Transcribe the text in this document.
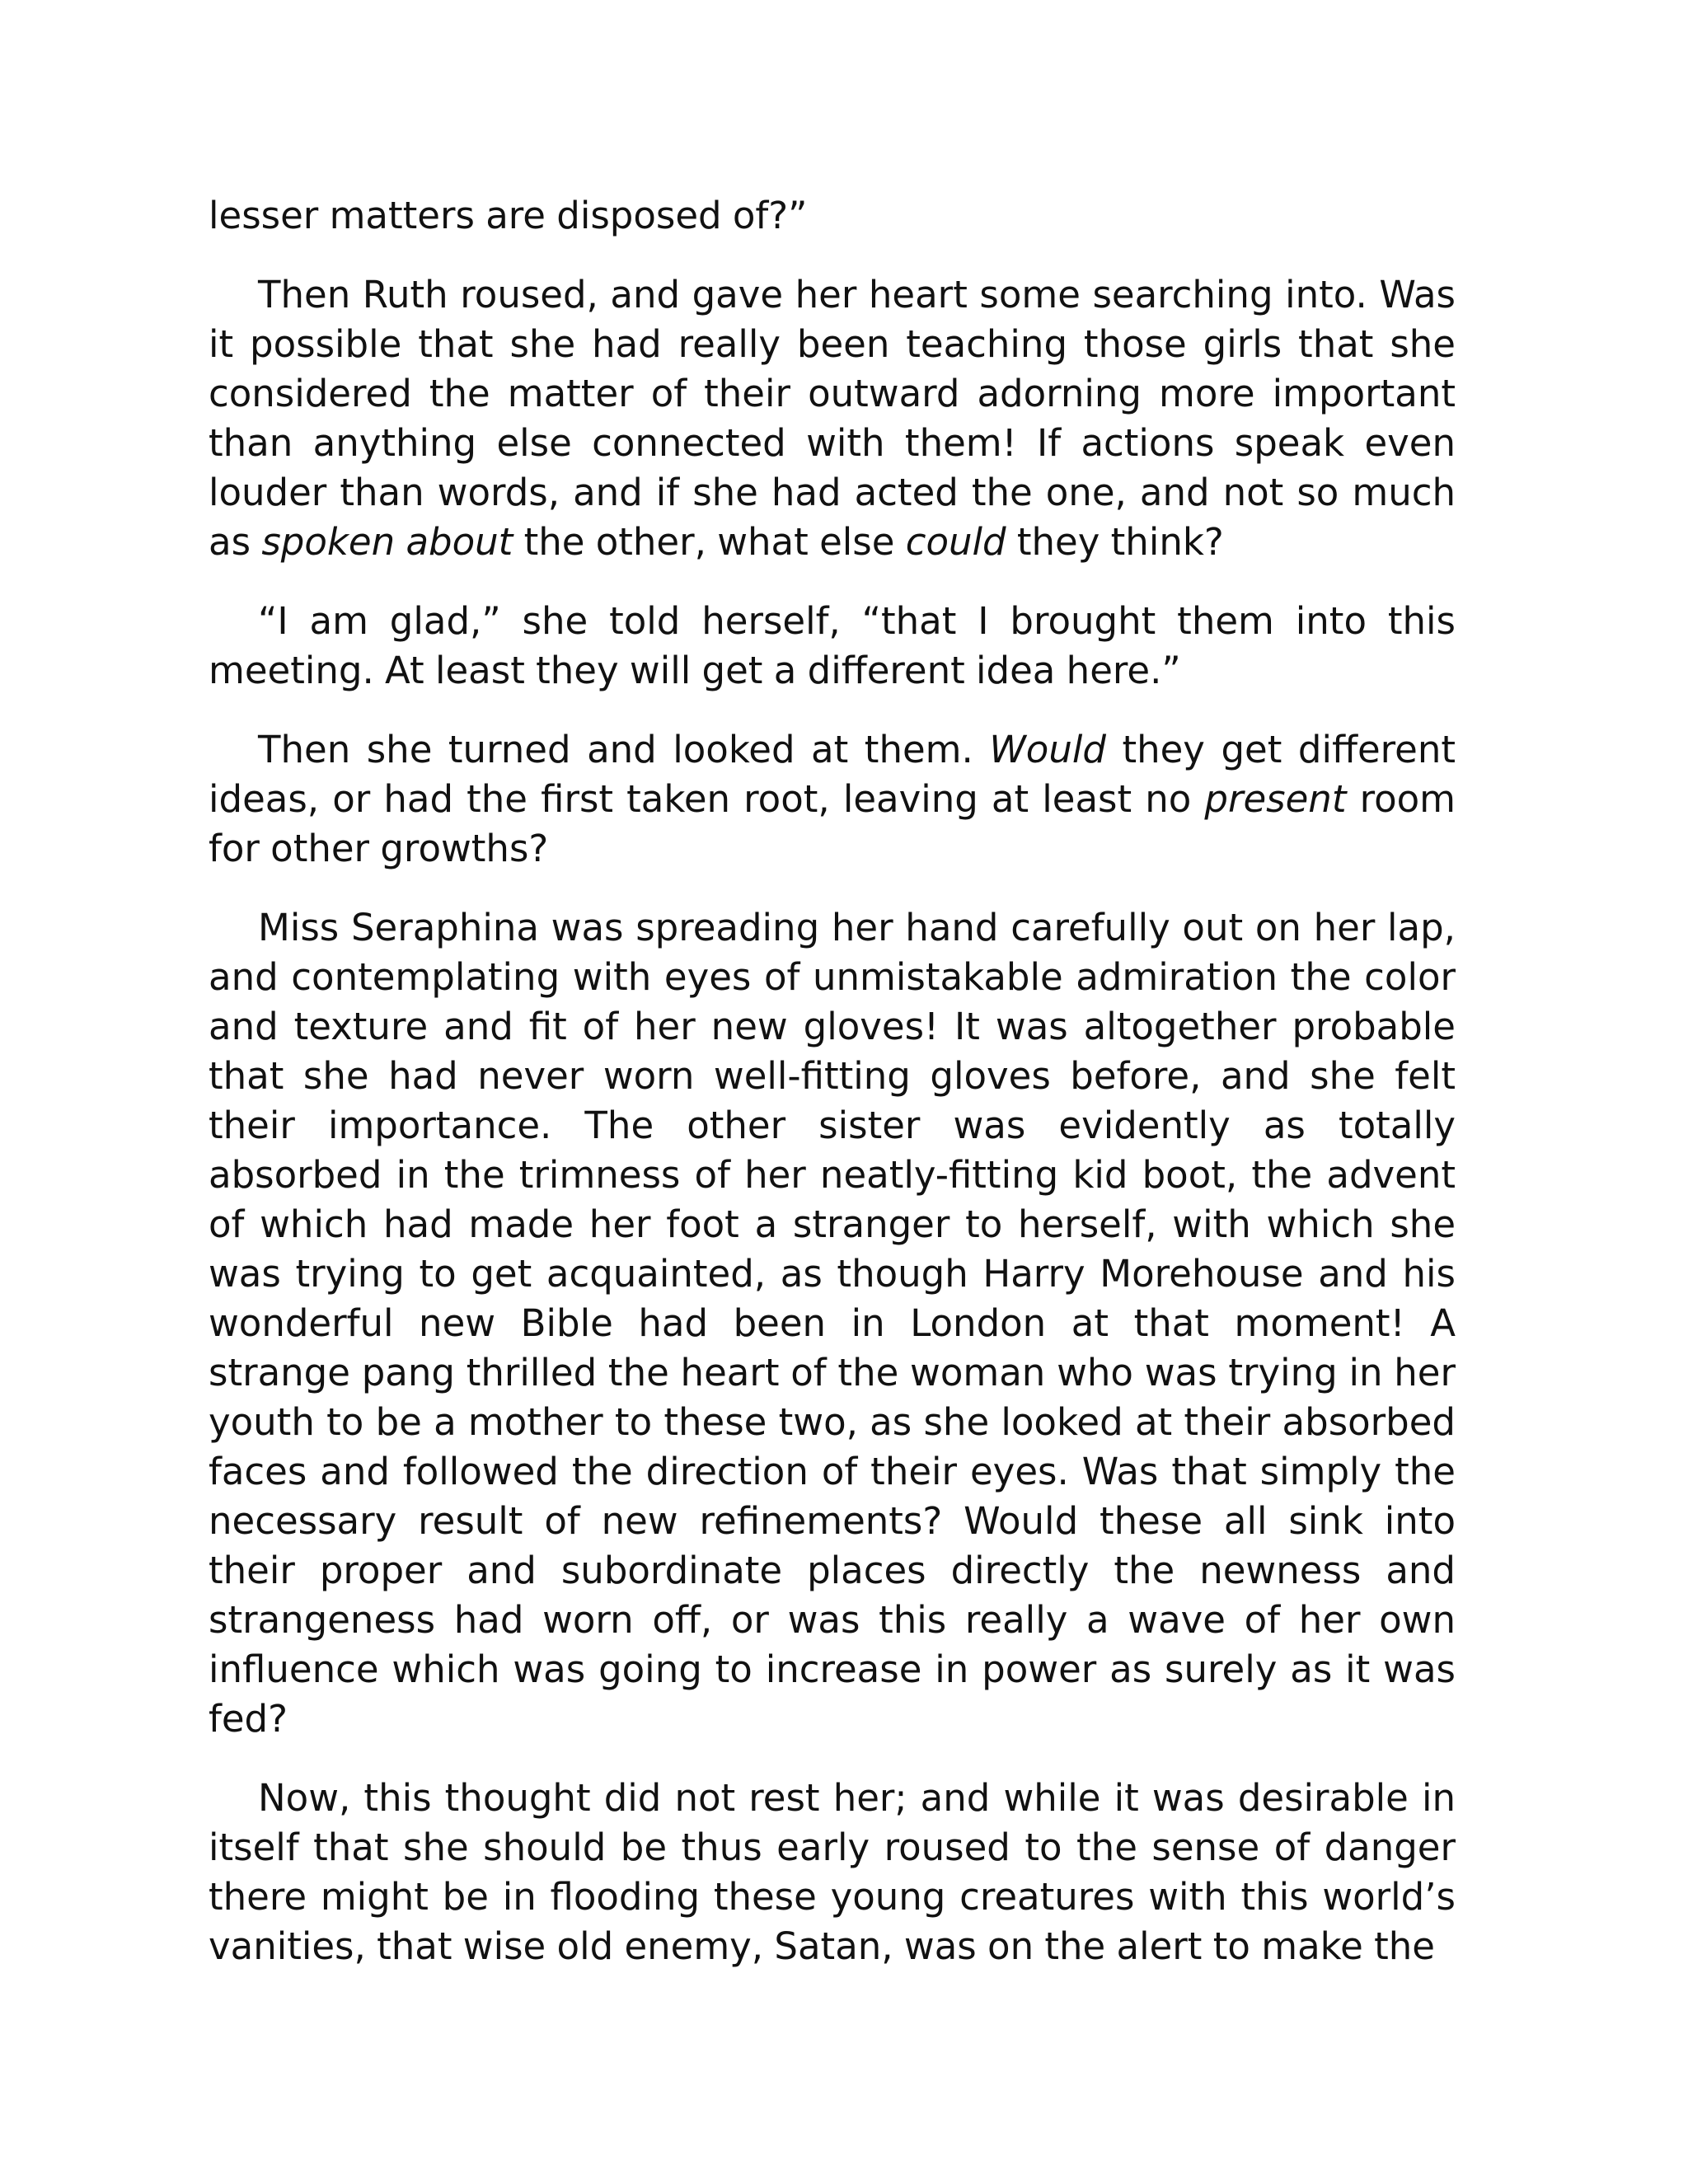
lesser matters are disposed of?”

Then Ruth roused, and gave her heart some searching into. Was it possible that she had really been teaching those girls that she considered the matter of their outward adorning more important than anything else connected with them! If actions speak even louder than words, and if she had acted the one, and not so much as spoken about the other, what else could they think?

“I am glad,” she told herself, “that I brought them into this meeting. At least they will get a different idea here.”

Then she turned and looked at them. Would they get different ideas, or had the first taken root, leaving at least no present room for other growths?

Miss Seraphina was spreading her hand carefully out on her lap, and contemplating with eyes of unmistakable admiration the color and texture and fit of her new gloves! It was altogether probable that she had never worn well-fitting gloves before, and she felt their importance. The other sister was evidently as totally absorbed in the trimness of her neatly-fitting kid boot, the advent of which had made her foot a stranger to herself, with which she was trying to get acquainted, as though Harry Morehouse and his wonderful new Bible had been in London at that moment! A strange pang thrilled the heart of the woman who was trying in her youth to be a mother to these two, as she looked at their absorbed faces and followed the direction of their eyes. Was that simply the necessary result of new refinements? Would these all sink into their proper and subordinate places directly the newness and strangeness had worn off, or was this really a wave of her own influence which was going to increase in power as surely as it was fed?

Now, this thought did not rest her; and while it was desirable in itself that she should be thus early roused to the sense of danger there might be in flooding these young creatures with this world’s vanities, that wise old enemy, Satan, was on the alert to make the
